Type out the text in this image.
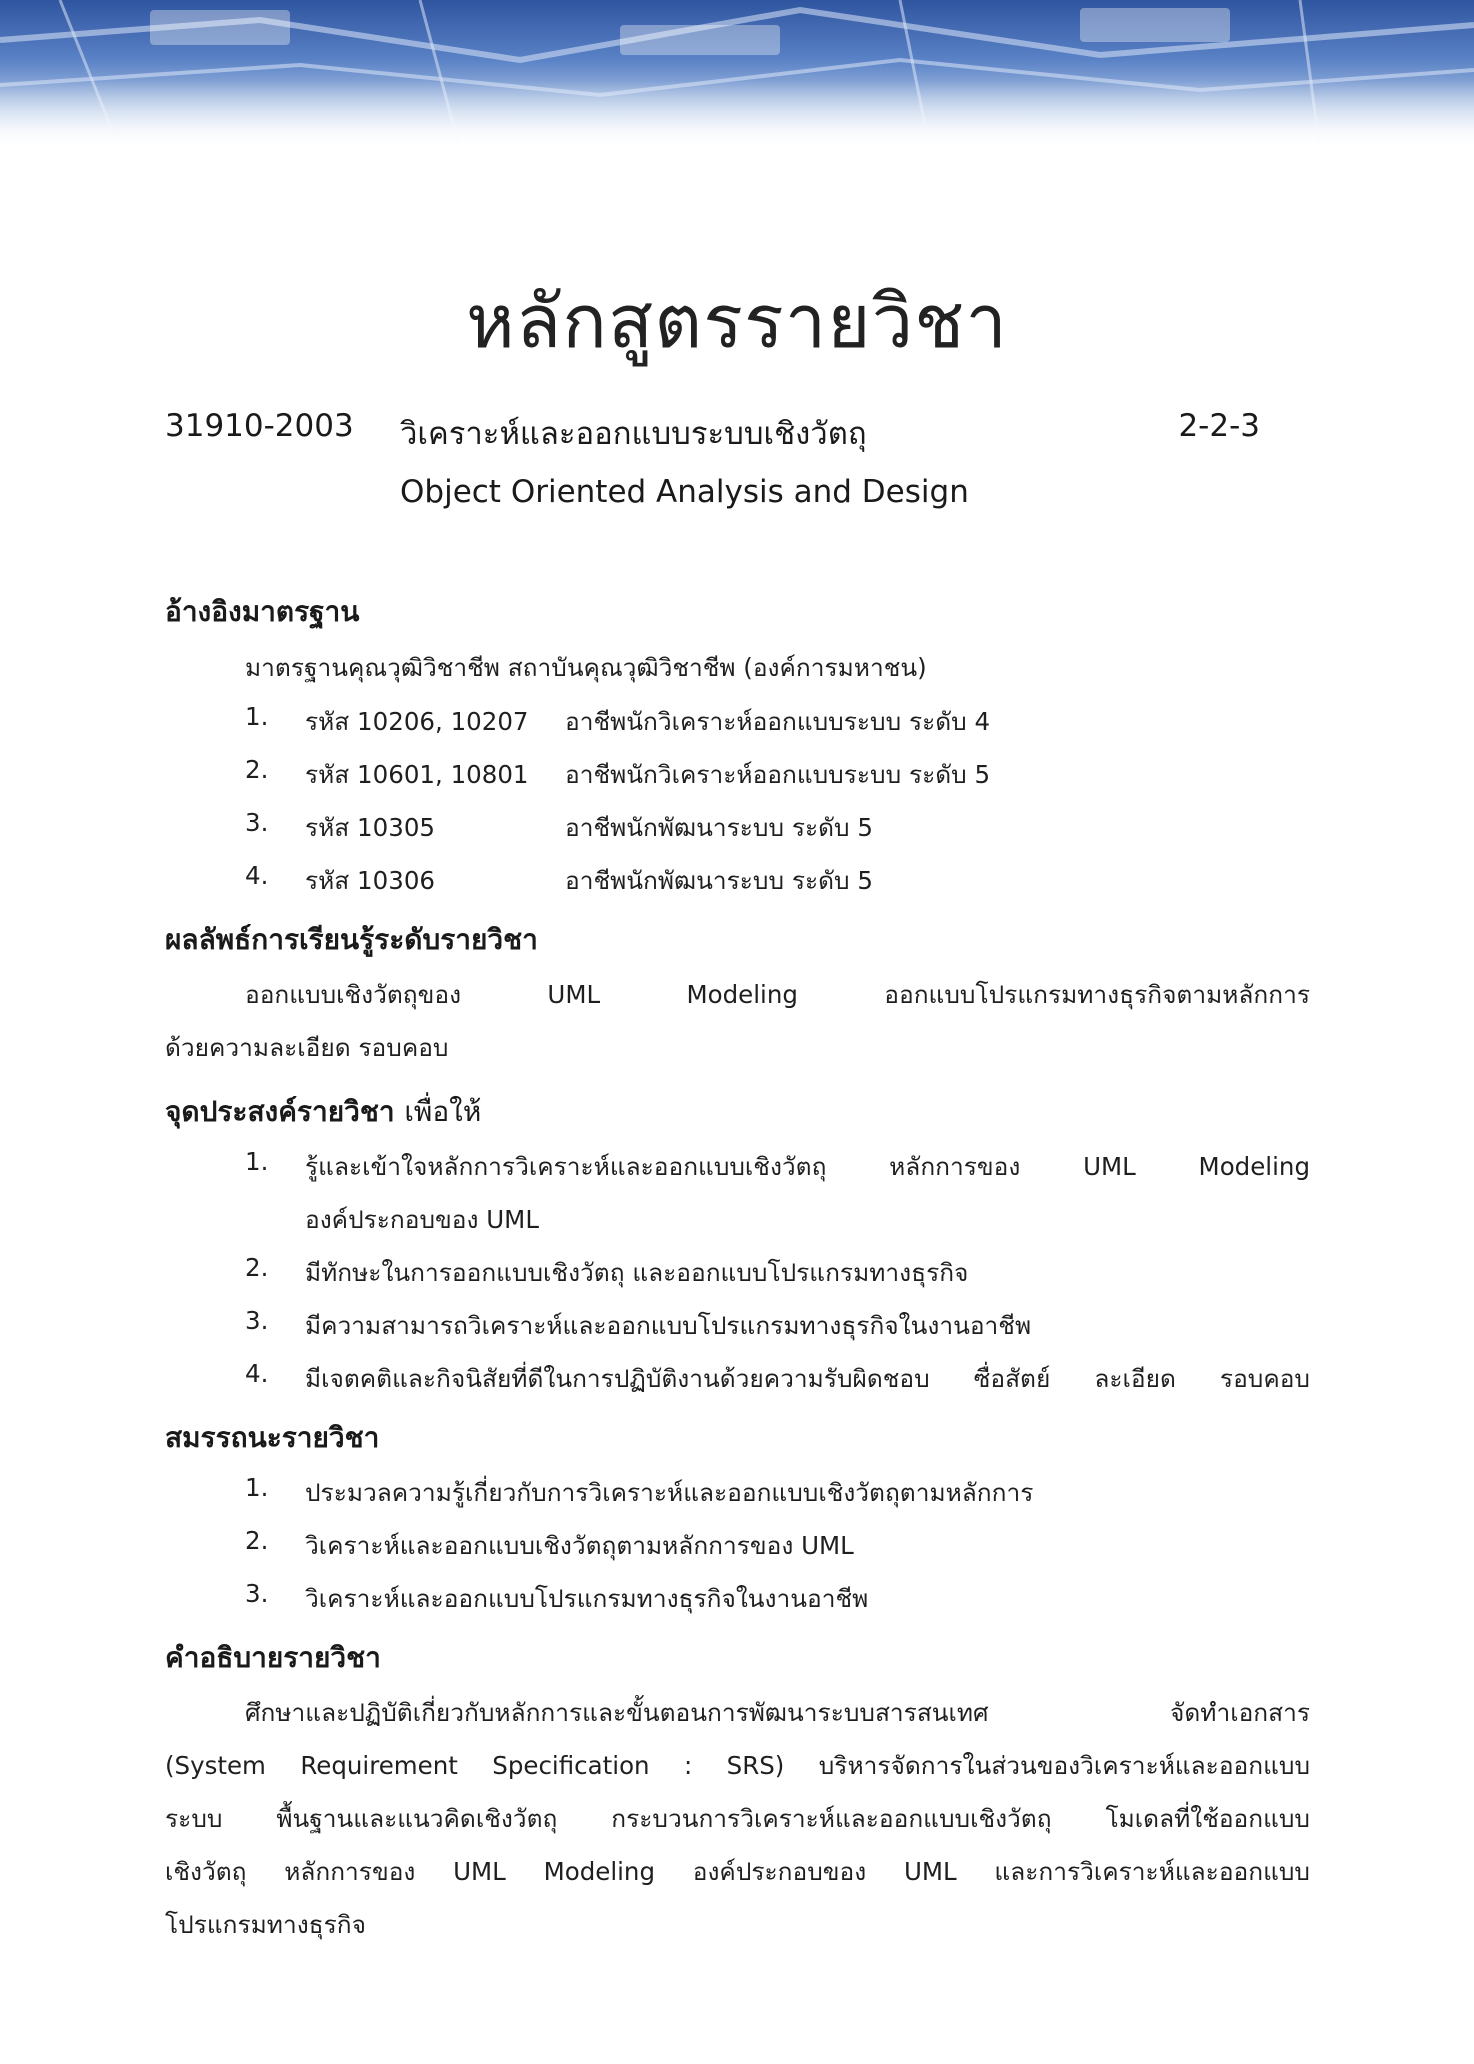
หลักสูตรรายวิชา
31910-2003 วิเคราะห์และออกแบบระบบเชิงวัตถุ	2-2-3
Object Oriented Analysis and Design
อ้างอิงมาตรฐาน
มาตรฐานคุณวุฒิวิชาชีพ สถาบันคุณวุฒิวิชาชีพ (องค์การมหาชน)
1. รหัส 10206, 10207 อาชีพนักวิเคราะห์ออกแบบระบบ ระดับ 4
2. รหัส 10601, 10801 อาชีพนักวิเคราะห์ออกแบบระบบ ระดับ 5
3. รหัส 10305	อาชีพนักพัฒนาระบบ ระดับ 5
4. รหัส 10306	อาชีพนักพัฒนาระบบ ระดับ 5
ผลลัพธ์การเรียนรู้ระดับรายวิชา
ออกแบบเชิงวัตถุของ UML Modeling ออกแบบโปรแกรมทางธุรกิจตามหลักการ
ด้วยความละเอียด รอบคอบ
จุดประสงค์รายวิชา เพื่อให้
1. รู้และเข้าใจหลักการวิเคราะห์และออกแบบเชิงวัตถุ หลักการของ UML Modeling
องค์ประกอบของ UML
2. มีทักษะในการออกแบบเชิงวัตถุ และออกแบบโปรแกรมทางธุรกิจ
3. มีความสามารถวิเคราะห์และออกแบบโปรแกรมทางธุรกิจในงานอาชีพ
4. มีเจตคติและกิจนิสัยที่ดีในการปฏิบัติงานด้วยความรับผิดชอบ ซื่อสัตย์ ละเอียด รอบคอบ
สมรรถนะรายวิชา
1. ประมวลความรู้เกี่ยวกับการวิเคราะห์และออกแบบเชิงวัตถุตามหลักการ
2. วิเคราะห์และออกแบบเชิงวัตถุตามหลักการของ UML
3. วิเคราะห์และออกแบบโปรแกรมทางธุรกิจในงานอาชีพ
คำอธิบายรายวิชา
ศึกษาและปฏิบัติเกี่ยวกับหลักการและขั้นตอนการพัฒนาระบบสารสนเทศ จัดทำเอกสาร
(System Requirement Specification : SRS) บริหารจัดการในส่วนของวิเคราะห์และออกแบบ
ระบบ พื้นฐานและแนวคิดเชิงวัตถุ กระบวนการวิเคราะห์และออกแบบเชิงวัตถุ โมเดลที่ใช้ออกแบบ
เชิงวัตถุ หลักการของ UML Modeling องค์ประกอบของ UML และการวิเคราะห์และออกแบบ
โปรแกรมทางธุรกิจ
